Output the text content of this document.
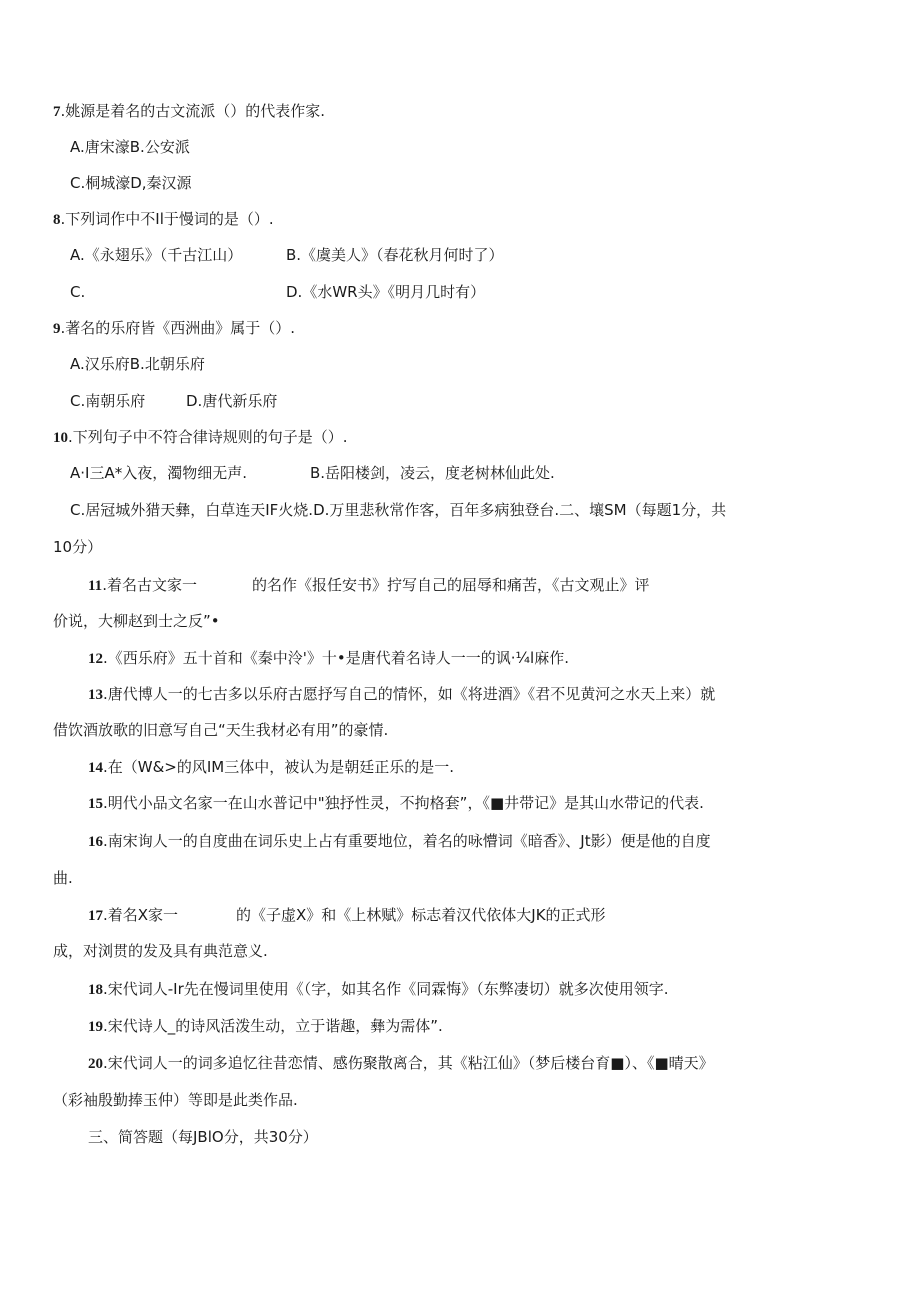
7.姚源是着名的古文流派（）的代表作家.
A.唐宋濠B.公安派
C.桐城濠D,秦汉源
8.下列词作中不Il于慢词的是（）.
A.《永翅乐》（千古江山）	B.《虞美人》（春花秋月何时了）
C.	D.《水WR头》《明月几时有）
9.著名的乐府皆《西洲曲》属于（）.
A.汉乐府B.北朝乐府
C.南朝乐府	D.唐代新乐府
10.下列句子中不符合律诗规则的句子是（）.
A·I三A*入夜，濁物细无声.	B.岳阳楼剑，凌云，度老树林仙此处.
C.居冠城外猎天彝，白草连天IF火烧.D.万里悲秋常作客，百年多病独登台.二、壤SM（每题1分，共
10分）
11.着名古文家一	的名作《报任安书》拧写自己的屈辱和痛苦，《古文观止》评
价说，大柳赵到士之反”•
12.《西乐府》五十首和《秦中泠'》十•是唐代着名诗人一一的讽·¼l麻作.
13.唐代博人一的七古多以乐府古愿抒写自己的情怀，如《将进酒》《君不见黄河之水天上来）就
借饮酒放歌的旧意写自己“天生我材必有用”的豪情.
14.在（W&>的风IM三体中，被认为是朝廷正乐的是一.
15.明代小品文名家一在山水普记中"独抒性灵，不拘格套”，《■井带记》是其山水带记的代表.
16.南宋询人一的自度曲在词乐史上占有重要地位，着名的咏懵词《暗香》、Jt影）便是他的自度
曲.
17.着名X家一	的《子虚X》和《上林赋》标志着汉代依体大JK的正式形
成，对浏贯的发及具有典范意义.
18.宋代词人-Ir先在慢词里使用《（字，如其名作《同霖悔》（东弊凄切）就多次使用领字.
19.宋代诗人_的诗风活泼生动，立于谐趣，彝为需体”.
20.宋代词人一的词多追忆往昔恋情、感伤聚散离合，其《粘江仙》（梦后楼台育■）、《■晴天》
（彩袖殷勤捧玉仲）等即是此类作品.
三、简答题（每JBlO分，共30分）
